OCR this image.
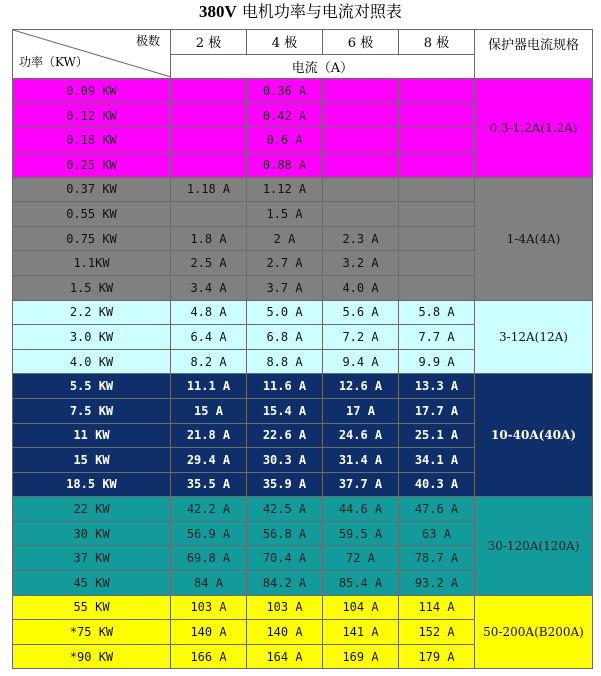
380V 电机功率与电流对照表
极数
功率（KW）	2 极	4 极	6 极	8 极	保护器电流规格
	电流（A）				
0.09 KW		0.36 A			0.3-1.2A(1.2A)
0.12 KW		0.42 A			
0.18 KW		0.6 A			
0.25 KW		0.88 A			
0.37 KW	1.18 A	1.12 A			1-4A(4A)
0.55 KW		1.5 A			
0.75 KW	1.8 A	2 A	2.3 A		
1.1KW	2.5 A	2.7 A	3.2 A		
1.5 KW	3.4 A	3.7 A	4.0 A		
2.2 KW	4.8 A	5.0 A	5.6 A	5.8 A	3-12A(12A)
3.0 KW	6.4 A	6.8 A	7.2 A	7.7 A	
4.0 KW	8.2 A	8.8 A	9.4 A	9.9 A	
5.5 KW	11.1 A	11.6 A	12.6 A	13.3 A	10-40A(40A)
7.5 KW	15 A	15.4 A	17 A	17.7 A	
11 KW	21.8 A	22.6 A	24.6 A	25.1 A	
15 KW	29.4 A	30.3 A	31.4 A	34.1 A	
18.5 KW	35.5 A	35.9 A	37.7 A	40.3 A	
22 KW	42.2 A	42.5 A	44.6 A	47.6 A	30-120A(120A)
30 KW	56.9 A	56.8 A	59.5 A	63 A	
37 KW	69.8 A	70.4 A	72 A	78.7 A	
45 KW	84 A	84.2 A	85.4 A	93.2 A	
55 KW	103 A	103 A	104 A	114 A	50-200A(B200A)
*75 KW	140 A	140 A	141 A	152 A	
*90 KW	166 A	164 A	169 A	179 A	
